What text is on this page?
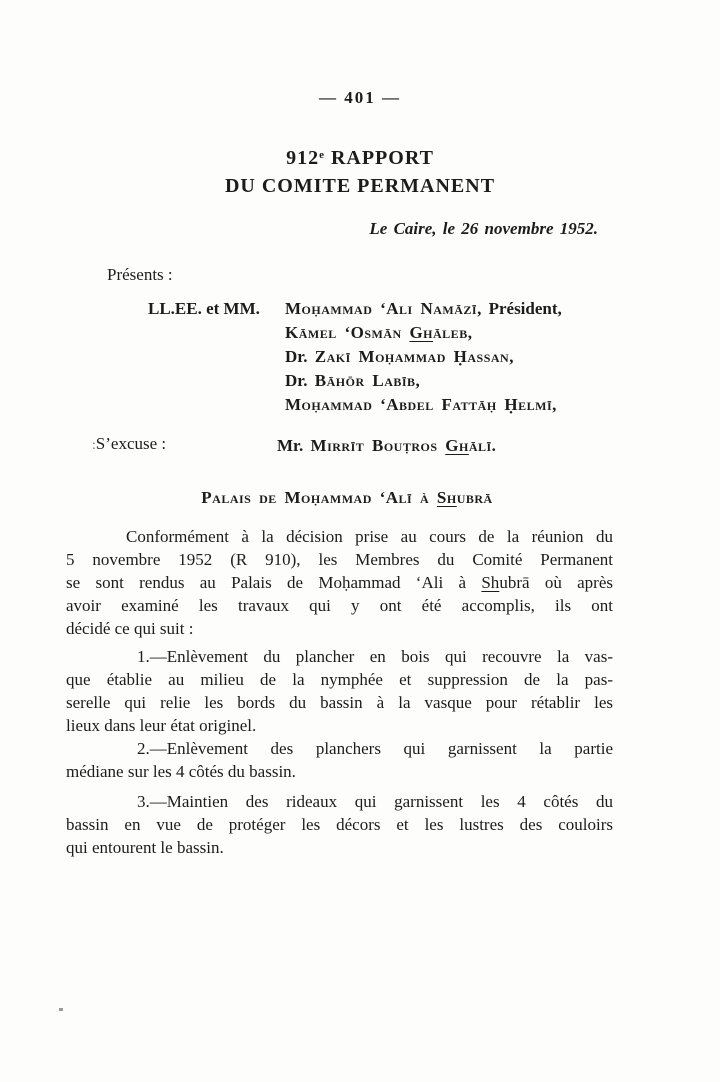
— 401 —
912e RAPPORT
DU COMITE PERMANENT
Le Caire, le 26 novembre 1952.
Présents :
LL.EE. et MM. Moḥammad ‘Ali Namāzī, Président,
Kāmel ‘Osmān Ghāleb,
Dr. Zakī Moḥammad Ḥassan,
Dr. Bāhōr Labīb,
Moḥammad ‘Abdel Fattāḥ Ḥelmī,
:S’excuse :	Mr. Mirrīt Bouṭros Ghālī.
Palais de Moḥammad ‘Alī à Shubrā
Conformément à la décision prise au cours de la réunion du
5 novembre 1952 (R 910), les Membres du Comité Permanent
se sont rendus au Palais de Moḥammad ‘Ali à Shubrā où après
avoir examiné les travaux qui y ont été accomplis, ils ont
décidé ce qui suit :
1.—Enlèvement du plancher en bois qui recouvre la vas-
que établie au milieu de la nymphée et suppression de la pas-
serelle qui relie les bords du bassin à la vasque pour rétablir les
lieux dans leur état originel.
2.—Enlèvement des planchers qui garnissent la partie
médiane sur les 4 côtés du bassin.
3.—Maintien des rideaux qui garnissent les 4 côtés du
bassin en vue de protéger les décors et les lustres des couloirs
qui entourent le bassin.
